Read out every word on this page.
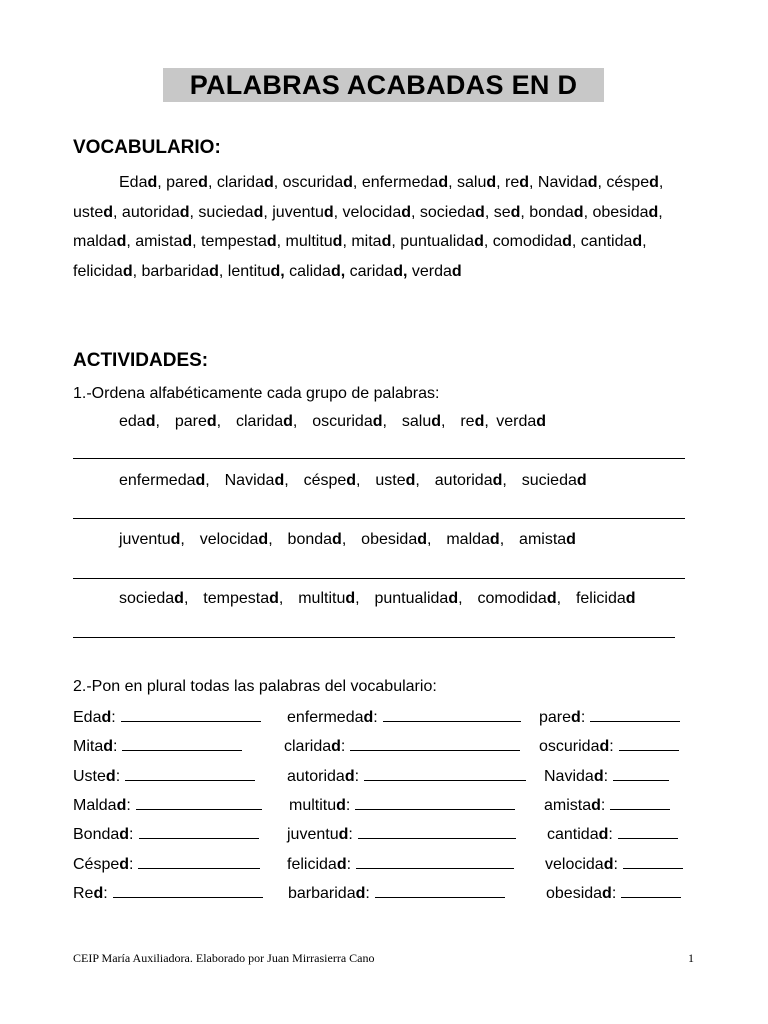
PALABRAS ACABADAS EN D
VOCABULARIO:
Edad, pared, claridad, oscuridad, enfermedad, salud, red, Navidad, césped, usted, autoridad, suciedad, juventud, velocidad, sociedad, sed, bondad, obesidad, maldad, amistad, tempestad, multitud, mitad, puntualidad, comodidad, cantidad, felicidad, barbaridad, lentitud, calidad, caridad, verdad
ACTIVIDADES:
1.-Ordena alfabéticamente cada grupo de palabras:
edad,  pared,  claridad,  oscuridad,  salud,  red, verdad
enfermedad,  Navidad,  césped,  usted,  autoridad,  suciedad
juventud,  velocidad,  bondad,  obesidad,  maldad,  amistad
sociedad,  tempestad,  multitud,  puntualidad,  comodidad,  felicidad
2.-Pon en plural todas las palabras del vocabulario:
Edad:	enfermedad:	pared:
Mitad:	claridad:	oscuridad:
Usted:	autoridad:	Navidad:
Maldad:	multitud:	amistad:
Bondad:	juventud:	cantidad:
Césped:	felicidad:	velocidad:
Red:	barbaridad:	obesidad:
CEIP María Auxiliadora. Elaborado por Juan Mirrasierra Cano	1
